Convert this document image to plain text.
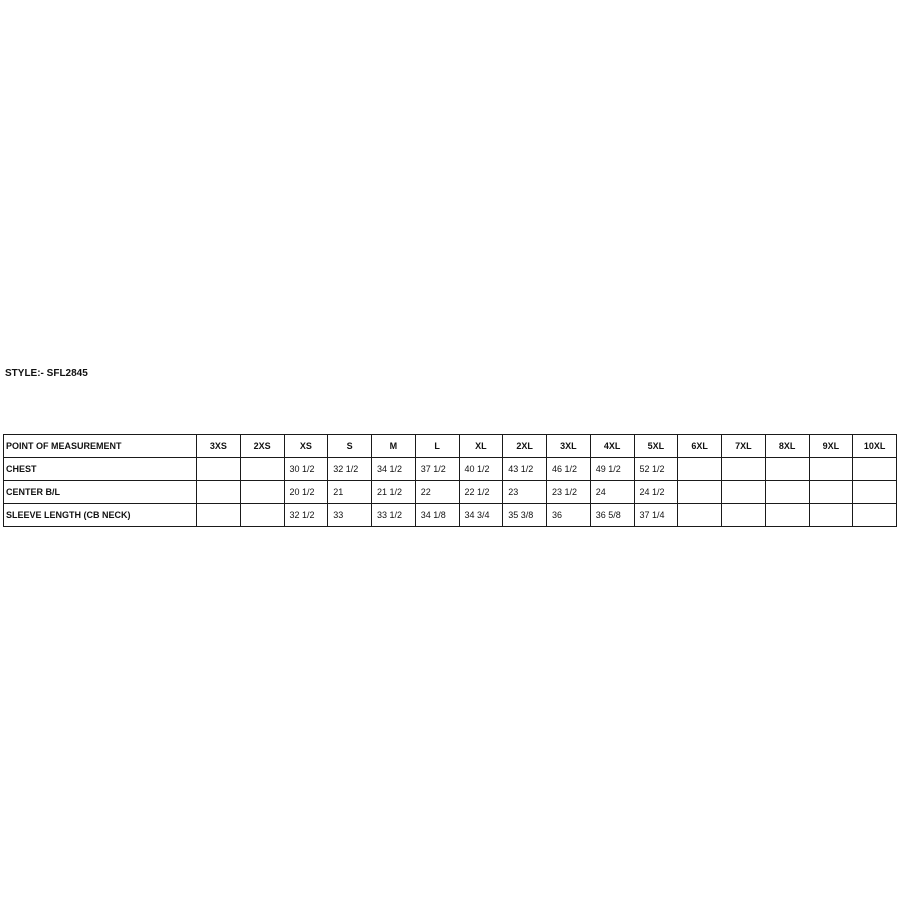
STYLE:- SFL2845
POINT OF MEASUREMENT	3XS	2XS	XS	S	M	L	XL	2XL	3XL	4XL	5XL	6XL	7XL	8XL	9XL	10XL
CHEST			30 1/2	32 1/2	34 1/2	37 1/2	40 1/2	43 1/2	46 1/2	49 1/2	52 1/2					
CENTER B/L			20 1/2	21	21 1/2	22	22 1/2	23	23 1/2	24	24 1/2					
SLEEVE LENGTH (CB NECK)			32 1/2	33	33 1/2	34 1/8	34 3/4	35 3/8	36	36 5/8	37 1/4					
